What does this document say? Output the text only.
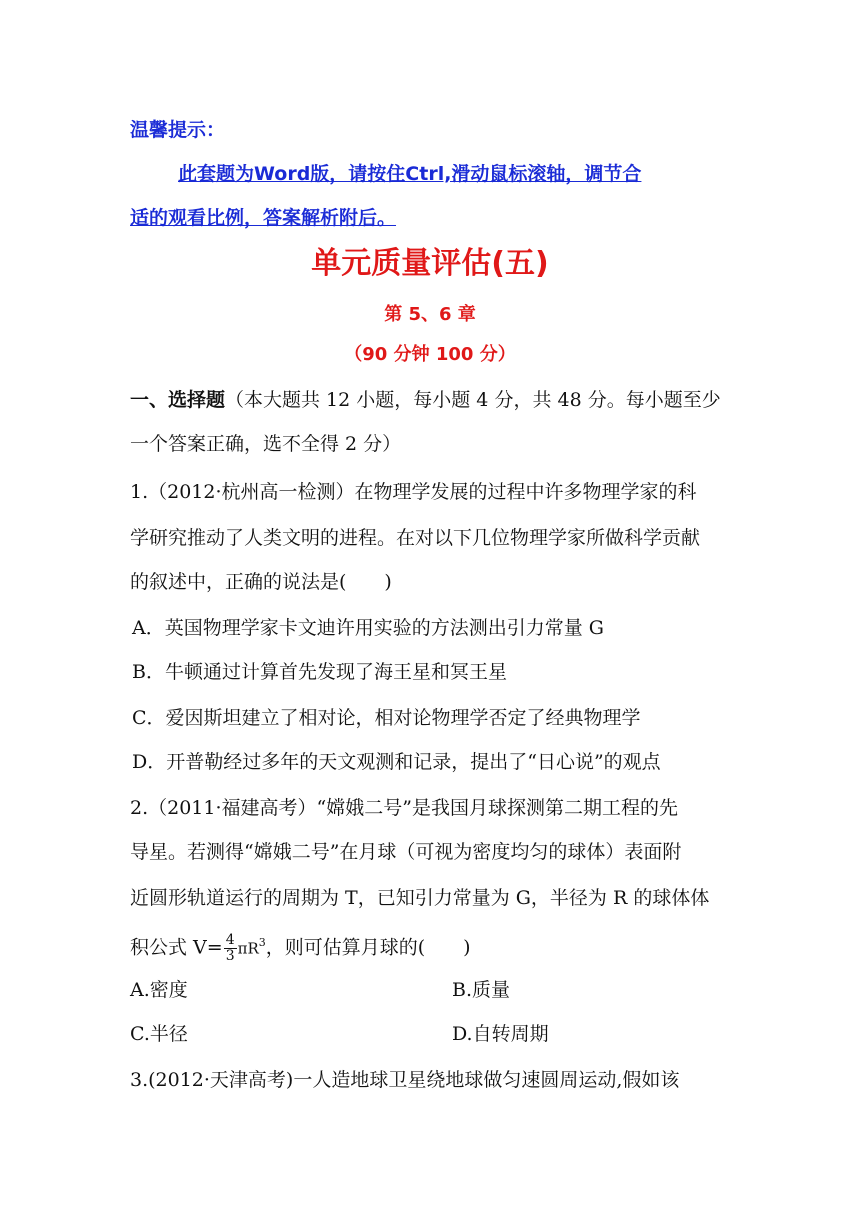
温馨提示：
此套题为Word版，请按住Ctrl,滑动鼠标滚轴，调节合
适的观看比例，答案解析附后。
单元质量评估(五)
第 5、6 章
（90 分钟 100 分）
一、选择题（本大题共 12 小题，每小题 4 分，共 48 分。每小题至少
一个答案正确，选不全得 2 分）
1.（2012·杭州高一检测）在物理学发展的过程中许多物理学家的科
学研究推动了人类文明的进程。在对以下几位物理学家所做科学贡献
的叙述中，正确的说法是(　　)
A．英国物理学家卡文迪许用实验的方法测出引力常量 G
B．牛顿通过计算首先发现了海王星和冥王星
C．爱因斯坦建立了相对论，相对论物理学否定了经典物理学
D．开普勒经过多年的天文观测和记录，提出了“日心说”的观点
2.（2011·福建高考）“嫦娥二号”是我国月球探测第二期工程的先
导星。若测得“嫦娥二号”在月球（可视为密度均匀的球体）表面附
近圆形轨道运行的周期为 T，已知引力常量为 G，半径为 R 的球体体
积公式 $V= \frac{4}{3} \pi R^3$，则可估算月球的(　　)
A.密度	B.质量
C.半径	D.自转周期
3.(2012·天津高考)一人造地球卫星绕地球做匀速圆周运动,假如该
